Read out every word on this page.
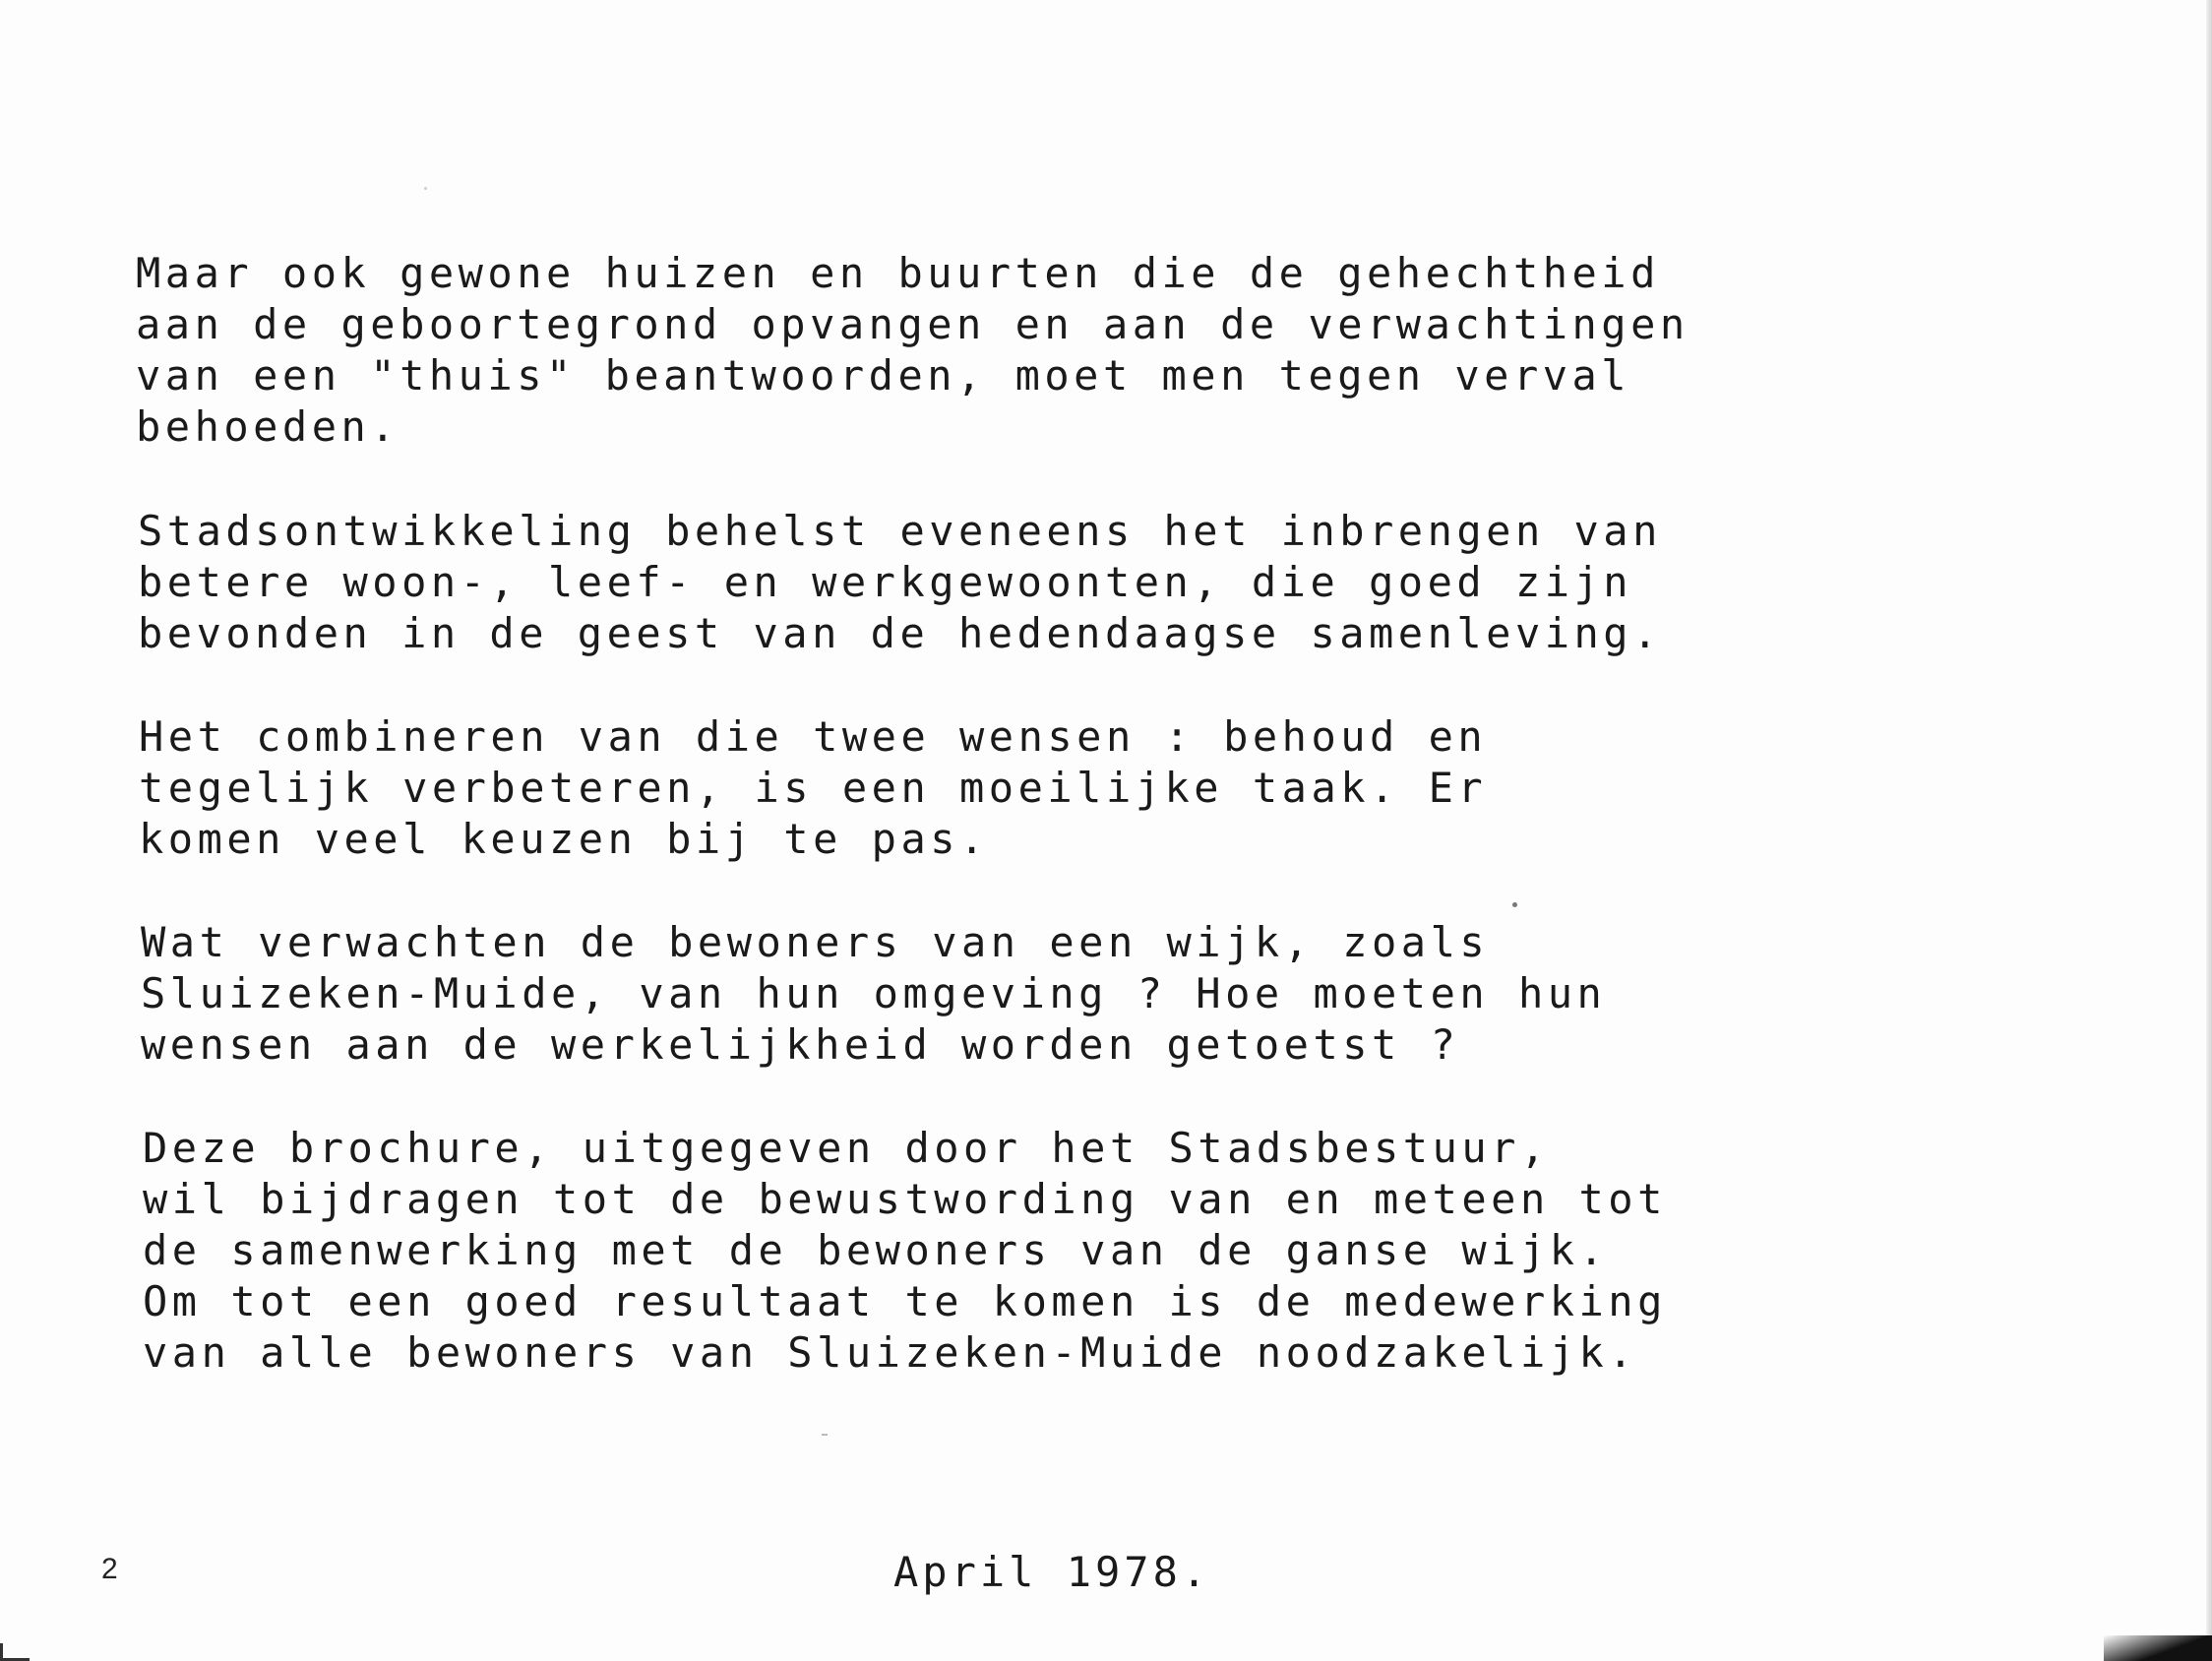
Maar ook gewone huizen en buurten die de gehechtheid
aan de geboortegrond opvangen en aan de verwachtingen
van een "thuis" beantwoorden, moet men tegen verval
behoeden.

Stadsontwikkeling behelst eveneens het inbrengen van
betere woon-, leef- en werkgewoonten, die goed zijn
bevonden in de geest van de hedendaagse samenleving.

Het combineren van die twee wensen : behoud en
tegelijk verbeteren, is een moeilijke taak. Er
komen veel keuzen bij te pas.

Wat verwachten de bewoners van een wijk, zoals
Sluizeken-Muide, van hun omgeving ? Hoe moeten hun
wensen aan de werkelijkheid worden getoetst ?

Deze brochure, uitgegeven door het Stadsbestuur,
wil bijdragen tot de bewustwording van en meteen tot
de samenwerking met de bewoners van de ganse wijk.
Om tot een goed resultaat te komen is de medewerking
van alle bewoners van Sluizeken-Muide noodzakelijk.

April 1978.
2
